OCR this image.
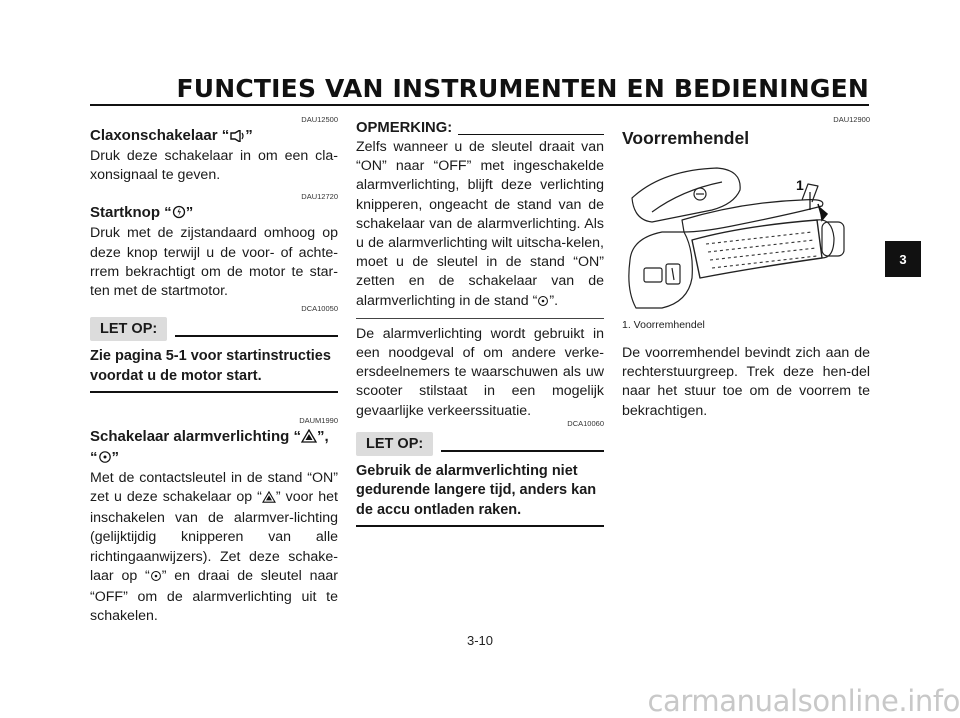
FUNCTIES VAN INSTRUMENTEN EN BEDIENINGEN
DAU12500

Claxonschakelaar “ ”

Druk deze schakelaar in om een cla-xonsignaal te geven.

DAU12720

Startknop “ ”

Druk met de zijstandaard omhoog op deze knop terwijl u de voor- of achte-rrem bekrachtigt om de motor te star-ten met de startmotor.

DCA10050
LET OP:

Zie pagina 5-1 voor startinstructies voordat u de motor start.

DAUM1990

Schakelaar alarmverlichting “ ”,
“ ”

Met de contactsleutel in de stand “ON” zet u deze schakelaar op “ ” voor het inschakelen van de alarmver-lichting (gelijktijdig knipperen van alle richtingaanwijzers). Zet deze schake-laar op “ ” en draai de sleutel naar “OFF” om de alarmverlichting uit te schakelen.

OPMERKING:

Zelfs wanneer u de sleutel draait van “ON” naar “OFF” met ingeschakelde alarmverlichting, blijft deze verlichting knipperen, ongeacht de stand van de schakelaar van de alarmverlichting. Als u de alarmverlichting wilt uitscha-kelen, moet u de sleutel in de stand “ON” zetten en de schakelaar van de alarmverlichting in de stand “ ”.

De alarmverlichting wordt gebruikt in een noodgeval of om andere verke-ersdeelnemers te waarschuwen als uw scooter stilstaat in een mogelijk gevaarlijke verkeerssituatie.

DCA10060
LET OP:

Gebruik de alarmverlichting niet gedurende langere tijd, anders kan de accu ontladen raken.

DAU12900

Voorremhendel

1
1. Voorremhendel

De voorremhendel bevindt zich aan de rechterstuurgreep. Trek deze hen-del naar het stuur toe om de voorrem te bekrachtigen.

3
3-10
carmanualsonline.info
